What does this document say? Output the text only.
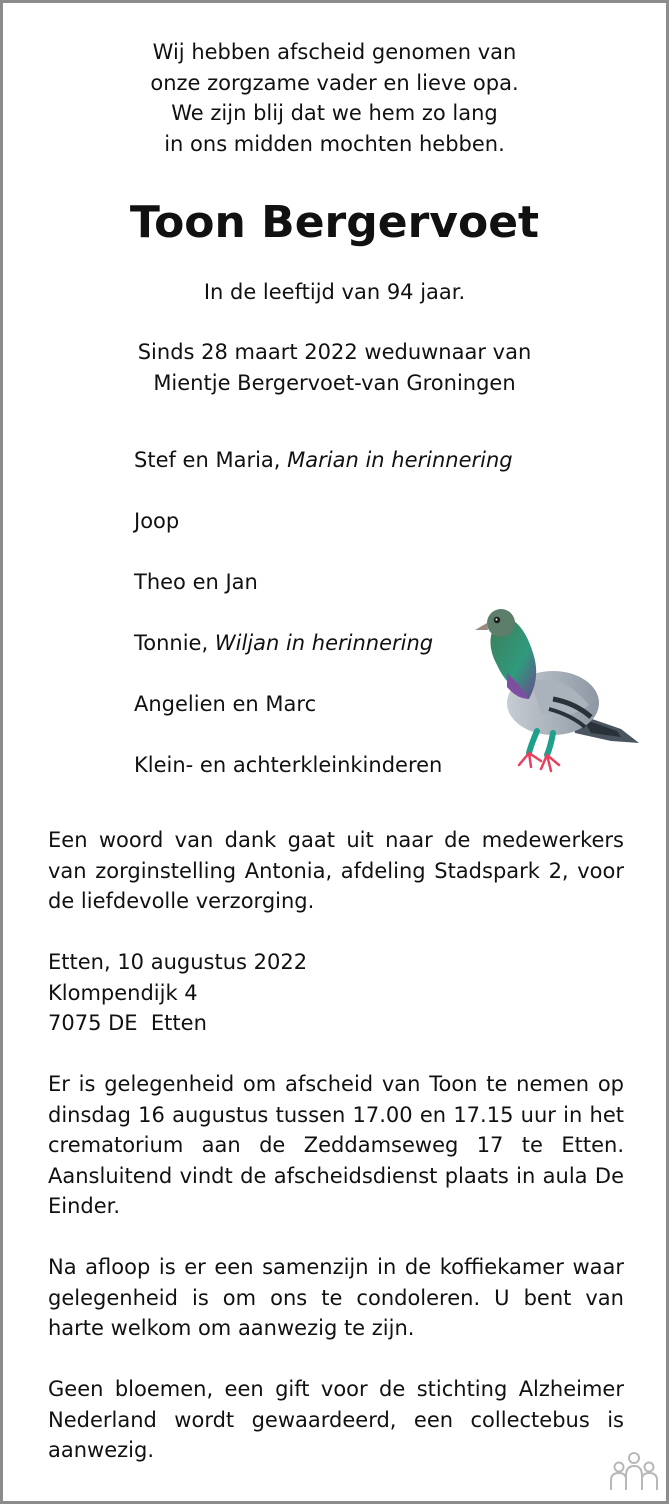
Wij hebben afscheid genomen van
onze zorgzame vader en lieve opa.
We zijn blij dat we hem zo lang
in ons midden mochten hebben.

Toon Bergervoet

In de leeftijd van 94 jaar.

Sinds 28 maart 2022 weduwnaar van
Mientje Bergervoet-van Groningen

Stef en Maria, Marian in herinnering

Joop

Theo en Jan

Tonnie, Wiljan in herinnering

Angelien en Marc

Klein- en achterkleinkinderen

Een woord van dank gaat uit naar de medewerkers van zorginstelling Antonia, afdeling Stadspark 2, voor de liefdevolle verzorging.

Etten, 10 augustus 2022
Klompendijk 4
7075 DE  Etten

Er is gelegenheid om afscheid van Toon te nemen op dinsdag 16 augustus tussen 17.00 en 17.15 uur in het crematorium aan de Zeddamseweg 17 te Etten. Aansluitend vindt de afscheidsdienst plaats in aula De Einder.

Na afloop is er een samenzijn in de koffiekamer waar gelegenheid is om ons te condoleren. U bent van harte welkom om aanwezig te zijn.

Geen bloemen, een gift voor de stichting Alzheimer Nederland wordt gewaardeerd, een collectebus is aanwezig.
